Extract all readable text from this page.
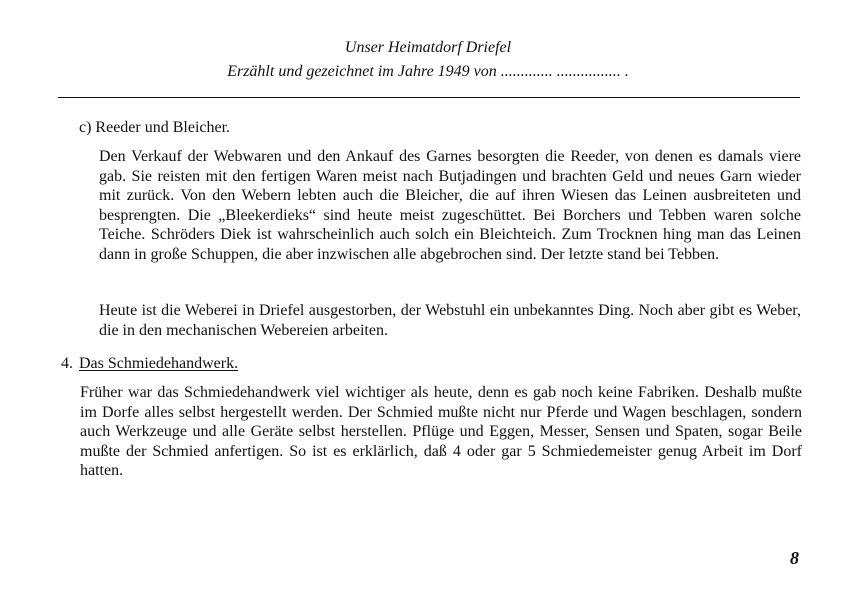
Unser Heimatdorf Driefel
Erzählt und gezeichnet im Jahre 1949 von ............. ................ .
c) Reeder und Bleicher.

Den Verkauf der Webwaren und den Ankauf des Garnes besorgten die Reeder, von denen es damals viere gab. Sie reisten mit den fertigen Waren meist nach Butjadingen und brachten Geld und neues Garn wieder mit zurück. Von den Webern lebten auch die Bleicher, die auf ihren Wiesen das Leinen ausbreiteten und besprengten. Die „Bleekerdieks“ sind heute meist zugeschüttet. Bei Borchers und Tebben waren solche Teiche. Schröders Diek ist wahrscheinlich auch solch ein Bleichteich. Zum Trocknen hing man das Leinen dann in große Schuppen, die aber inzwischen alle abgebrochen sind. Der letzte stand bei Tebben.

Heute ist die Weberei in Driefel ausgestorben, der Webstuhl ein unbekanntes Ding. Noch aber gibt es Weber, die in den mechanischen Webereien arbeiten.

4. Das Schmiedehandwerk.

Früher war das Schmiedehandwerk viel wichtiger als heute, denn es gab noch keine Fabriken. Deshalb mußte im Dorfe alles selbst hergestellt werden. Der Schmied mußte nicht nur Pferde und Wagen beschlagen, sondern auch Werkzeuge und alle Geräte selbst herstellen. Pflüge und Eggen, Messer, Sensen und Spaten, sogar Beile mußte der Schmied anfertigen. So ist es erklärlich, daß 4 oder gar 5 Schmiedemeister genug Arbeit im Dorf hatten.

8
